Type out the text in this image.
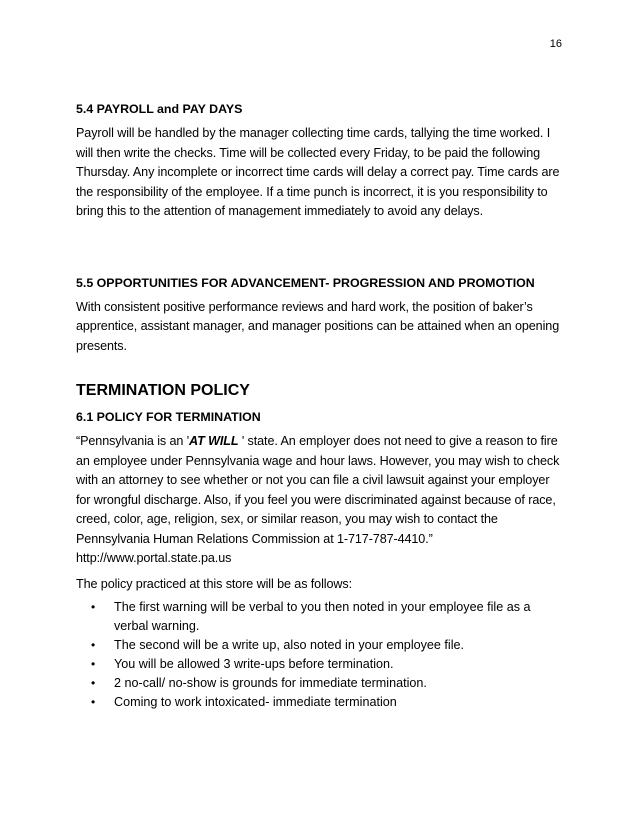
16
5.4 PAYROLL and PAY DAYS

Payroll will be handled by the manager collecting time cards, tallying the time worked. I will then write the checks. Time will be collected every Friday, to be paid the following Thursday. Any incomplete or incorrect time cards will delay a correct pay. Time cards are the responsibility of the employee. If a time punch is incorrect, it is you responsibility to bring this to the attention of management immediately to avoid any delays.

5.5 OPPORTUNITIES FOR ADVANCEMENT- PROGRESSION AND PROMOTION

With consistent positive performance reviews and hard work, the position of baker’s apprentice, assistant manager, and manager positions can be attained when an opening presents.

TERMINATION POLICY
6.1 POLICY FOR TERMINATION

“Pennsylvania is an 'AT WILL ' state. An employer does not need to give a reason to fire an employee under Pennsylvania wage and hour laws. However, you may wish to check with an attorney to see whether or not you can file a civil lawsuit against your employer for wrongful discharge. Also, if you feel you were discriminated against because of race, creed, color, age, religion, sex, or similar reason, you may wish to contact the Pennsylvania Human Relations Commission at 1-717-787-4410.” http://www.portal.state.pa.us

The policy practiced at this store will be as follows:

• The first warning will be verbal to you then noted in your employee file as a verbal warning.
• The second will be a write up, also noted in your employee file.
• You will be allowed 3 write-ups before termination.
• 2 no-call/ no-show is grounds for immediate termination.
• Coming to work intoxicated- immediate termination
